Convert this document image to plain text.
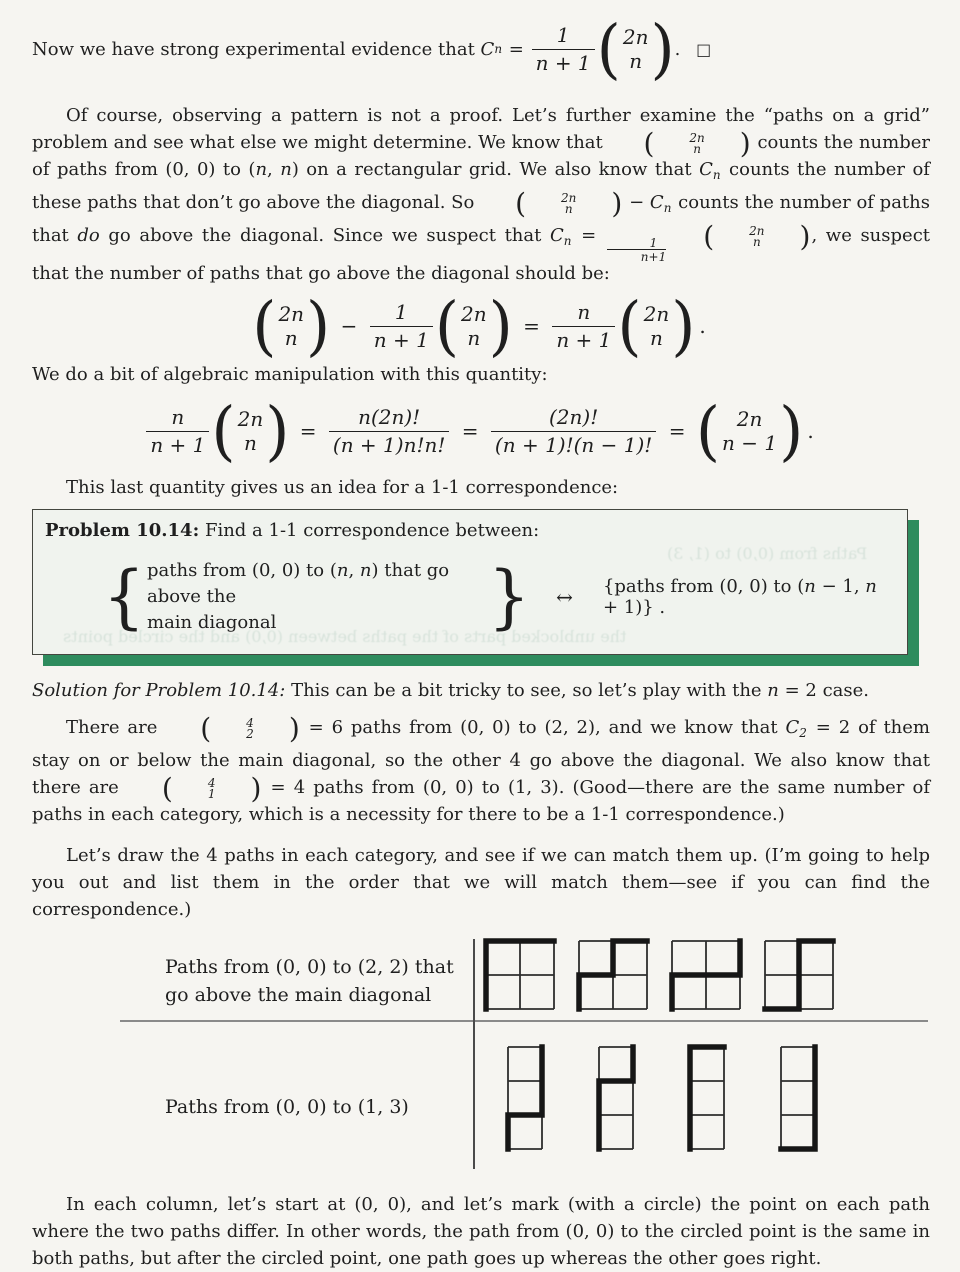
Now we have strong experimental evidence that C $n = \frac{1}{n + 1}$ ( 2n
n ) . □

Of course, observing a pattern is not a proof. Let’s further examine the “paths on a grid” problem and see what else we might determine. We know that	(	2n
n	) counts the number of paths from (0, 0) to (n, n) on a rectangular grid. We also know that $C_n$ counts the number of these paths that don’t go above the diagonal. So	(	2n
n	) − $C_n$ counts the number of paths that do go above the diagonal. Since we suspect that $C_n$ =
$\frac{1}{n+1}$	(	2n
n	) , we suspect that the number of paths that go above the diagonal should be:

( 2n
n ) − $\frac{1}{n + 1}$ ( 2n
n ) = $\frac{n}{n + 1}$ ( 2n
n ) .

We do a bit of algebraic manipulation with this quantity:

$\frac{n}{n + 1}$ ( 2n
n ) = $\frac{n(2n)!}{(n + 1)n!n!} = \frac{(2n)!}{(n + 1)!(n - 1)!}$ = ( 2n
n − 1 ) .

This last quantity gives us an idea for a 1-1 correspondence:

Paths from (0,0) to (1, 3)
the unblocked parts of the paths between (0,0) and the circled points

Problem 10.14: Find a 1-1 correspondence between:

{ paths from (0, 0) to (n, n) that go above the
main diagonal	} ↔ {paths from (0, 0) to (n − 1, n + 1)} .

Solution for Problem 10.14: This can be a bit tricky to see, so let’s play with the n = 2 case.

There are	(	4
2	) = 6 paths from (0, 0) to (2, 2), and we know that $C_2 = 2$ of them stay on or below the main diagonal, so the other 4 go above the diagonal. We also know that there are	(	4
1	) = 4 paths from (0, 0) to (1, 3). (Good—there are the same number of paths in each category, which is a necessity for there to be a 1-1 correspondence.)

Let’s draw the 4 paths in each category, and see if we can match them up. (I’m going to help you out and list them in the order that we will match them—see if you can find the correspondence.)

Paths from (0, 0) to (2, 2) that
go above the main diagonal
Paths from (0, 0) to (1, 3)

In each column, let’s start at (0, 0), and let’s mark (with a circle) the point on each path where the two paths differ. In other words, the path from (0, 0) to the circled point is the same in both paths, but after the circled point, one path goes up whereas the other goes right.
